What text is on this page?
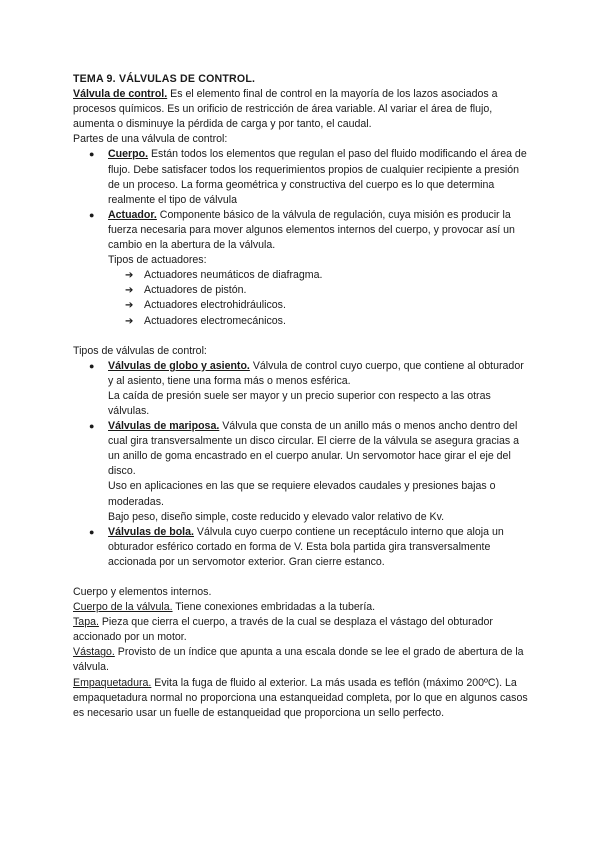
TEMA 9. VÁLVULAS DE CONTROL.

Válvula de control. Es el elemento final de control en la mayoría de los lazos asociados a procesos químicos. Es un orificio de restricción de área variable. Al variar el área de flujo, aumenta o disminuye la pérdida de carga y por tanto, el caudal.

Partes de una válvula de control:

● Cuerpo. Están todos los elementos que regulan el paso del fluido modificando el área de flujo. Debe satisfacer todos los requerimientos propios de cualquier recipiente a presión de un proceso. La forma geométrica y constructiva del cuerpo es lo que determina realmente el tipo de válvula
● Actuador. Componente básico de la válvula de regulación, cuya misión es producir la fuerza necesaria para mover algunos elementos internos del cuerpo, y provocar así un cambio en la abertura de la válvula.

Tipos de actuadores:

➔ Actuadores neumáticos de diafragma.
➔ Actuadores de pistón.
➔ Actuadores electrohidráulicos.
➔ Actuadores electromecánicos.

Tipos de válvulas de control:

● Válvulas de globo y asiento. Válvula de control cuyo cuerpo, que contiene al obturador y al asiento, tiene una forma más o menos esférica.

La caída de presión suele ser mayor y un precio superior con respecto a las otras válvulas.

● Válvulas de mariposa. Válvula que consta de un anillo más o menos ancho dentro del cual gira transversalmente un disco circular. El cierre de la válvula se asegura gracias a un anillo de goma encastrado en el cuerpo anular. Un servomotor hace girar el eje del disco.

Uso en aplicaciones en las que se requiere elevados caudales y presiones bajas o moderadas.

Bajo peso, diseño simple, coste reducido y elevado valor relativo de Kv.

● Válvulas de bola. Válvula cuyo cuerpo contiene un receptáculo interno que aloja un obturador esférico cortado en forma de V. Esta bola partida gira transversalmente accionada por un servomotor exterior. Gran cierre estanco.

Cuerpo y elementos internos.

Cuerpo de la válvula. Tiene conexiones embridadas a la tubería.

Tapa. Pieza que cierra el cuerpo, a través de la cual se desplaza el vástago del obturador accionado por un motor.

Vástago. Provisto de un índice que apunta a una escala donde se lee el grado de abertura de la válvula.

Empaquetadura. Evita la fuga de fluido al exterior. La más usada es teflón (máximo 200ºC). La empaquetadura normal no proporciona una estanqueidad completa, por lo que en algunos casos es necesario usar un fuelle de estanqueidad que proporciona un sello perfecto.
